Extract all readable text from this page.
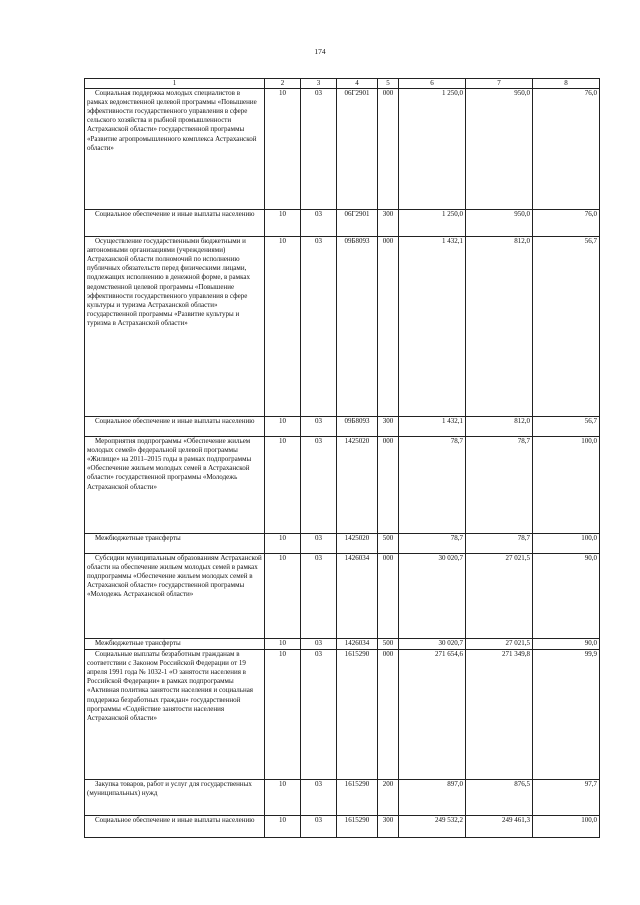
174
1	2	3	4	5	6	7	8
Социальная поддержка молодых специалистов в рамках ведомственной целевой программы «Повышение эффективности государственного управления в сфере сельского хозяйства и рыбной промышленности Астраханской области» государственной программы «Развитие агропромышленного комплекса Астраханской области»	10	03	06Г2901	000	1 250,0	950,0	76,0
Социальное обеспечение и иные выплаты населению	10	03	06Г2901	300	1 250,0	950,0	76,0
Осуществление государственными бюджетными и автономными организациями (учреждениями) Астраханской области полномочий по исполнению публичных обязательств перед физическими лицами, подлежащих исполнению в денежной форме, в рамках ведомственной целевой программы «Повышение эффективности государственного управления в сфере культуры и туризма Астраханской области» государственной программы «Развитие культуры и туризма в Астраханской области»	10	03	09Б8093	000	1 432,1	812,0	56,7
Социальное обеспечение и иные выплаты населению	10	03	09Б8093	300	1 432,1	812,0	56,7
Мероприятия подпрограммы «Обеспечение жильем молодых семей» федеральной целевой программы «Жилище» на 2011–2015 годы в рамках подпрограммы «Обеспечение жильем молодых семей в Астраханской области» государственной программы «Молодежь Астраханской области»	10	03	1425020	000	78,7	78,7	100,0
Межбюджетные трансферты	10	03	1425020	500	78,7	78,7	100,0
Субсидии муниципальным образованиям Астраханской области на обеспечение жильем молодых семей в рамках подпрограммы «Обеспечение жильем молодых семей в Астраханской области» государственной программы «Молодежь Астраханской области»	10	03	1426034	000	30 020,7	27 021,5	90,0
Межбюджетные трансферты	10	03	1426034	500	30 020,7	27 021,5	90,0
Социальные выплаты безработным гражданам в соответствии с Законом Российской Федерации от 19 апреля 1991 года № 1032-1 «О занятости населения в Российской Федерации» в рамках подпрограммы «Активная политика занятости населения и социальная поддержка безработных граждан» государственной программы «Содействие занятости населения Астраханской области»	10	03	1615290	000	271 654,6	271 349,8	99,9
Закупка товаров, работ и услуг для государственных (муниципальных) нужд	10	03	1615290	200	897,0	876,5	97,7
Социальное обеспечение и иные выплаты населению	10	03	1615290	300	249 532,2	249 461,3	100,0
